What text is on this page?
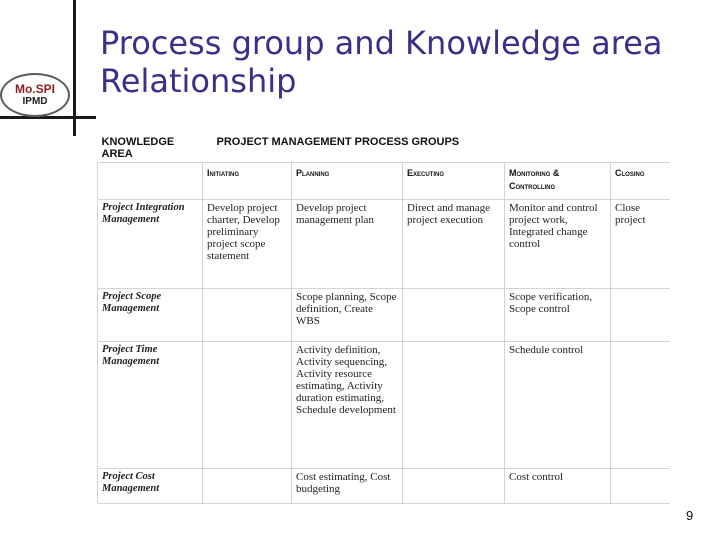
Mo.SPI
IPMD
Process group and Knowledge area
Relationship
KNOWLEDGE AREA	PROJECT MANAGEMENT PROCESS GROUPS				
	Initiating	Planning	Executing	Monitoring & Controlling	Closing
Project Integration Management	Develop project charter, Develop preliminary project scope statement	Develop project management plan	Direct and manage project execution	Monitor and control project work, Integrated change control	Close project
Project Scope Management		Scope planning, Scope definition, Create WBS		Scope verification, Scope control	
Project Time Management		Activity definition, Activity sequencing, Activity resource estimating, Activity duration estimating, Schedule development		Schedule control	
Project Cost Management		Cost estimating, Cost budgeting		Cost control	
9
